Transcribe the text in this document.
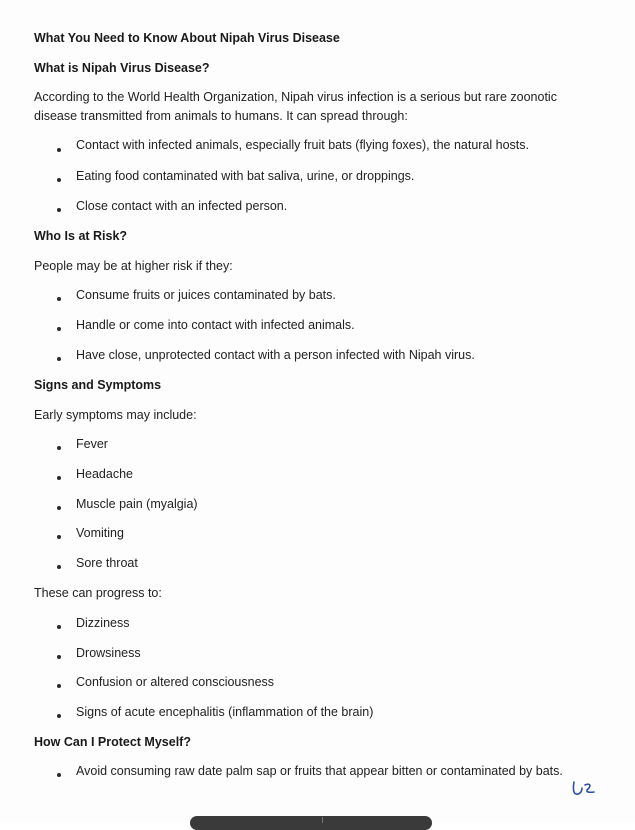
What You Need to Know About Nipah Virus Disease
What is Nipah Virus Disease?
According to the World Health Organization, Nipah virus infection is a serious but rare zoonotic
disease transmitted from animals to humans. It can spread through:
Contact with infected animals, especially fruit bats (flying foxes), the natural hosts.
Eating food contaminated with bat saliva, urine, or droppings.
Close contact with an infected person.
Who Is at Risk?
People may be at higher risk if they:
Consume fruits or juices contaminated by bats.
Handle or come into contact with infected animals.
Have close, unprotected contact with a person infected with Nipah virus.
Signs and Symptoms
Early symptoms may include:
Fever
Headache
Muscle pain (myalgia)
Vomiting
Sore throat
These can progress to:
Dizziness
Drowsiness
Confusion or altered consciousness
Signs of acute encephalitis (inflammation of the brain)
How Can I Protect Myself?
Avoid consuming raw date palm sap or fruits that appear bitten or contaminated by bats.
